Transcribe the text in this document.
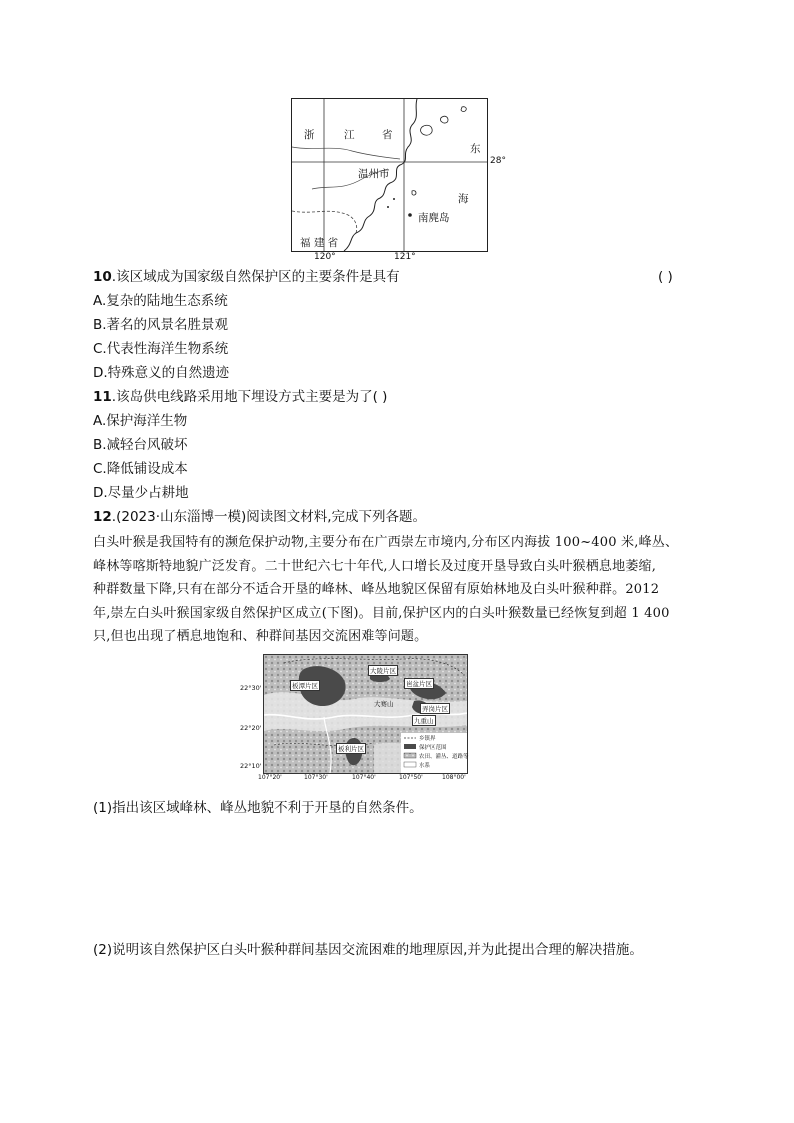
浙	江	省
东
海
温州市
南麂岛
福 建 省
28°
120°	121°
10.该区域成为国家级自然保护区的主要条件是具有	( )
A.复杂的陆地生态系统
B.著名的风景名胜景观
C.代表性海洋生物系统
D.特殊意义的自然遗迹
11.该岛供电线路采用地下埋设方式主要是为了( )
A.保护海洋生物
B.减轻台风破坏
C.降低铺设成本
D.尽量少占耕地
12.(2023·山东淄博一模)阅读图文材料,完成下列各题。
白头叶猴是我国特有的濒危保护动物,主要分布在广西崇左市境内,分布区内海拔 100~400 米,峰丛、
峰林等喀斯特地貌广泛发育。二十世纪六七十年代,人口增长及过度开垦导致白头叶猴栖息地萎缩,
种群数量下降,只有在部分不适合开垦的峰林、峰丛地貌区保留有原始林地及白头叶猴种群。2012
年,崇左白头叶猴国家级自然保护区成立(下图)。目前,保护区内的白头叶猴数量已经恢复到超 1 400
只,但也出现了栖息地饱和、种群间基因交流困难等问题。
板潭片区
大陵片区
岜盆片区
大赛山
弄岗片区
九重山
板利片区
乡镇界
保护区范围
农田、灌丛、道路等
水系
22°30'
22°20'
22°10'
107°20'	107°30'	107°40'	107°50'	108°00'
(1)指出该区域峰林、峰丛地貌不利于开垦的自然条件。
(2)说明该自然保护区白头叶猴种群间基因交流困难的地理原因,并为此提出合理的解决措施。
